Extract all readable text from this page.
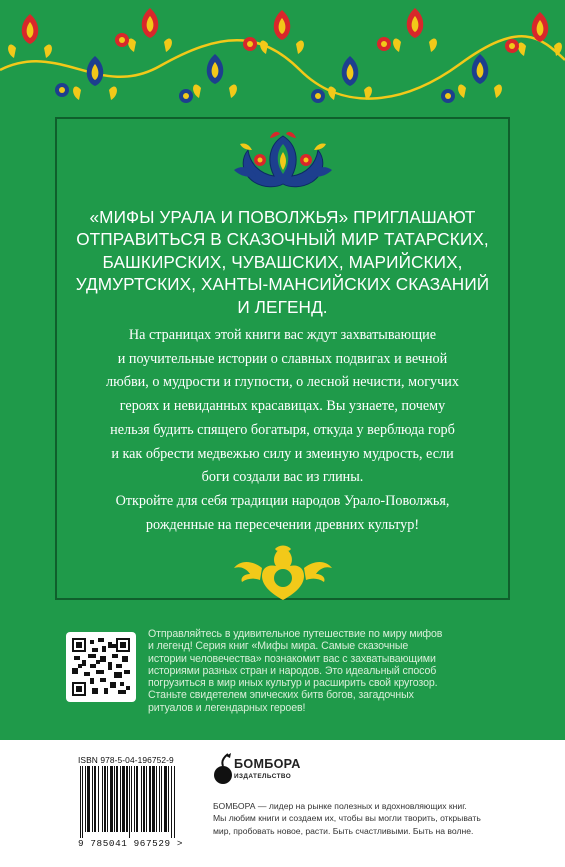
«МИФЫ УРАЛА И ПОВОЛЖЬЯ» ПРИГЛАШАЮТ
ОТПРАВИТЬСЯ В СКАЗОЧНЫЙ МИР ТАТАРСКИХ,
БАШКИРСКИХ, ЧУВАШСКИХ, МАРИЙСКИХ,
УДМУРТСКИХ, ХАНТЫ-МАНСИЙСКИХ СКАЗАНИЙ
И ЛЕГЕНД.

На страницах этой книги вас ждут захватывающие

и поучительные истории о славных подвигах и вечной

любви, о мудрости и глупости, о лесной нечисти, могучих

героях и невиданных красавицах. Вы узнаете, почему

нельзя будить спящего богатыря, откуда у верблюда горб

и как обрести медвежью силу и змеиную мудрость, если

боги создали вас из глины.

Откройте для себя традиции народов Урало-Поволжья,

рожденные на пересечении древних культур!

Отправляйтесь в удивительное путешествие по миру мифов
и легенд! Серия книг «Мифы мира. Самые сказочные
истории человечества» познакомит вас с захватывающими
историями разных стран и народов. Это идеальный способ
погрузиться в мир иных культур и расширить свой кругозор.
Станьте свидетелем эпических битв богов, загадочных
ритуалов и легендарных героев!
ISBN 978-5-04-196752-9
9 785041 967529 >
БОМБОРА
ИЗДАТЕЛЬСТВО
БОМБОРА — лидер на рынке полезных и вдохновляющих книг.
Мы любим книги и создаем их, чтобы вы могли творить, открывать
мир, пробовать новое, расти. Быть счастливыми. Быть на волне.
